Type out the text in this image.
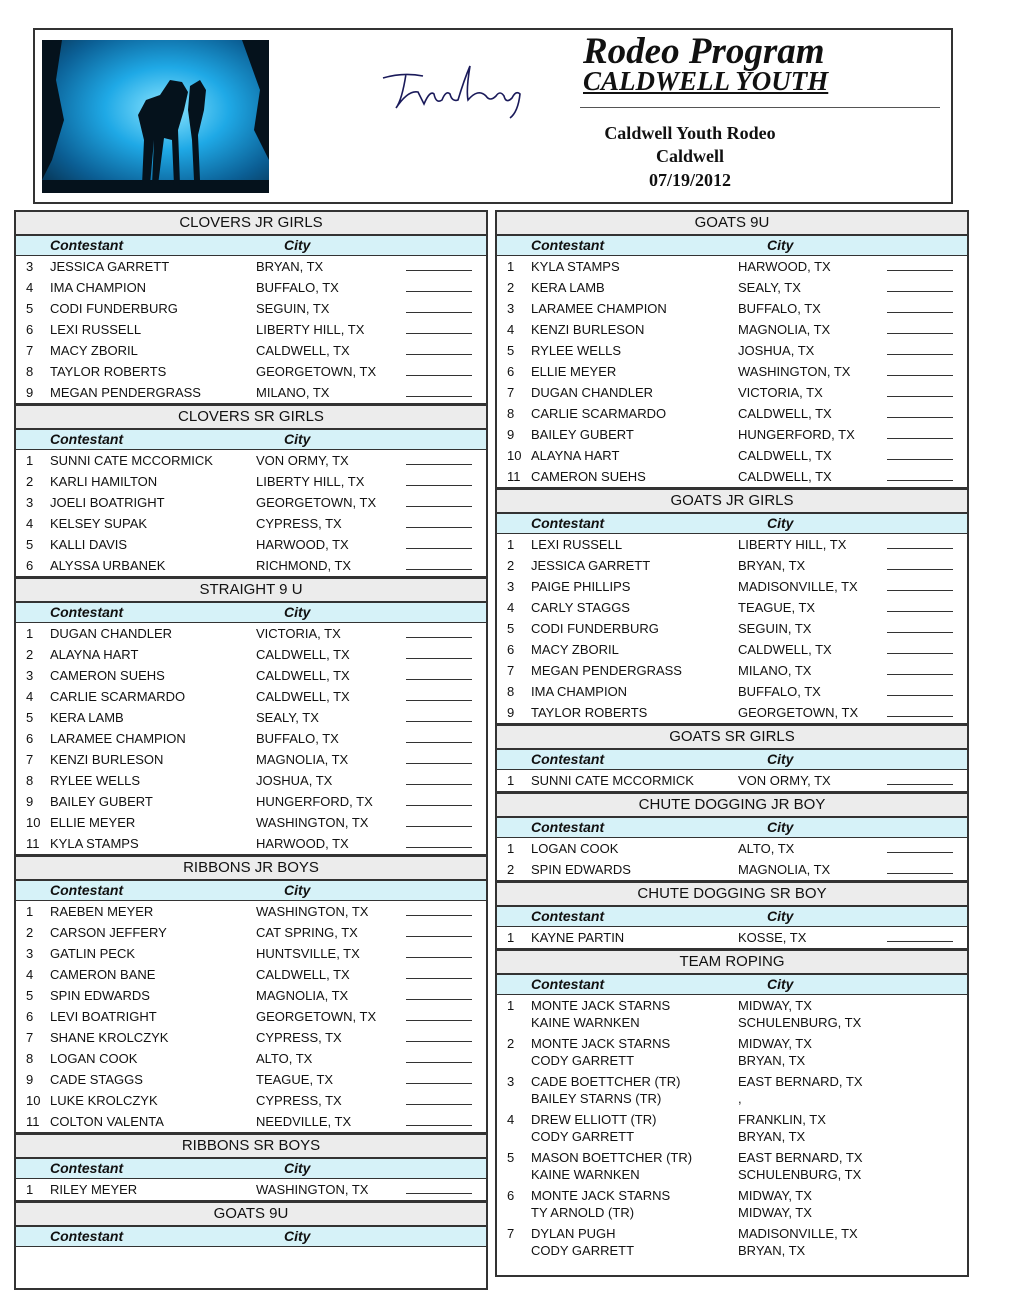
Rodeo Program
CALDWELL YOUTH
Caldwell Youth Rodeo
Caldwell
07/19/2012
CLOVERS JR GIRLS
Contestant	City
3 JESSICA GARRETT	BRYAN, TX
4 IMA CHAMPION	BUFFALO, TX
5 CODI FUNDERBURG	SEGUIN, TX
6 LEXI RUSSELL	LIBERTY HILL, TX
7 MACY ZBORIL	CALDWELL, TX
8 TAYLOR ROBERTS	GEORGETOWN, TX
9 MEGAN PENDERGRASS	MILANO, TX
CLOVERS SR GIRLS
Contestant	City
1 SUNNI CATE MCCORMICK	VON ORMY, TX
2 KARLI HAMILTON	LIBERTY HILL, TX
3 JOELI BOATRIGHT	GEORGETOWN, TX
4 KELSEY SUPAK	CYPRESS, TX
5 KALLI DAVIS	HARWOOD, TX
6 ALYSSA URBANEK	RICHMOND, TX
STRAIGHT 9 U
Contestant	City
1 DUGAN CHANDLER	VICTORIA, TX
2 ALAYNA HART	CALDWELL, TX
3 CAMERON SUEHS	CALDWELL, TX
4 CARLIE SCARMARDO	CALDWELL, TX
5 KERA LAMB	SEALY, TX
6 LARAMEE CHAMPION	BUFFALO, TX
7 KENZI BURLESON	MAGNOLIA, TX
8 RYLEE WELLS	JOSHUA, TX
9 BAILEY GUBERT	HUNGERFORD, TX
10 ELLIE MEYER	WASHINGTON, TX
11 KYLA STAMPS	HARWOOD, TX
RIBBONS JR BOYS
Contestant	City
1 RAEBEN MEYER	WASHINGTON, TX
2 CARSON JEFFERY	CAT SPRING, TX
3 GATLIN PECK	HUNTSVILLE, TX
4 CAMERON BANE	CALDWELL, TX
5 SPIN EDWARDS	MAGNOLIA, TX
6 LEVI BOATRIGHT	GEORGETOWN, TX
7 SHANE KROLCZYK	CYPRESS, TX
8 LOGAN COOK	ALTO, TX
9 CADE STAGGS	TEAGUE, TX
10 LUKE KROLCZYK	CYPRESS, TX
11 COLTON VALENTA	NEEDVILLE, TX
RIBBONS SR BOYS
Contestant	City
1 RILEY MEYER	WASHINGTON, TX
GOATS 9U
Contestant	City
GOATS 9U
Contestant	City
1 KYLA STAMPS	HARWOOD, TX
2 KERA LAMB	SEALY, TX
3 LARAMEE CHAMPION	BUFFALO, TX
4 KENZI BURLESON	MAGNOLIA, TX
5 RYLEE WELLS	JOSHUA, TX
6 ELLIE MEYER	WASHINGTON, TX
7 DUGAN CHANDLER	VICTORIA, TX
8 CARLIE SCARMARDO	CALDWELL, TX
9 BAILEY GUBERT	HUNGERFORD, TX
10 ALAYNA HART	CALDWELL, TX
11 CAMERON SUEHS	CALDWELL, TX
GOATS JR GIRLS
Contestant	City
1 LEXI RUSSELL	LIBERTY HILL, TX
2 JESSICA GARRETT	BRYAN, TX
3 PAIGE PHILLIPS	MADISONVILLE, TX
4 CARLY STAGGS	TEAGUE, TX
5 CODI FUNDERBURG	SEGUIN, TX
6 MACY ZBORIL	CALDWELL, TX
7 MEGAN PENDERGRASS	MILANO, TX
8 IMA CHAMPION	BUFFALO, TX
9 TAYLOR ROBERTS	GEORGETOWN, TX
GOATS SR GIRLS
Contestant	City
1 SUNNI CATE MCCORMICK	VON ORMY, TX
CHUTE DOGGING JR BOY
Contestant	City
1 LOGAN COOK	ALTO, TX
2 SPIN EDWARDS	MAGNOLIA, TX
CHUTE DOGGING SR BOY
Contestant	City
1 KAYNE PARTIN	KOSSE, TX
TEAM ROPING
Contestant	City
1 MONTE JACK STARNS	MIDWAY, TX
KAINE WARNKEN	SCHULENBURG, TX
2 MONTE JACK STARNS	MIDWAY, TX
CODY GARRETT	BRYAN, TX
3 CADE BOETTCHER (TR)	EAST BERNARD, TX
BAILEY STARNS (TR)	,
4 DREW ELLIOTT (TR)	FRANKLIN, TX
CODY GARRETT	BRYAN, TX
5 MASON BOETTCHER (TR)	EAST BERNARD, TX
KAINE WARNKEN	SCHULENBURG, TX
6 MONTE JACK STARNS	MIDWAY, TX
TY ARNOLD (TR)	MIDWAY, TX
7 DYLAN PUGH	MADISONVILLE, TX
CODY GARRETT	BRYAN, TX
